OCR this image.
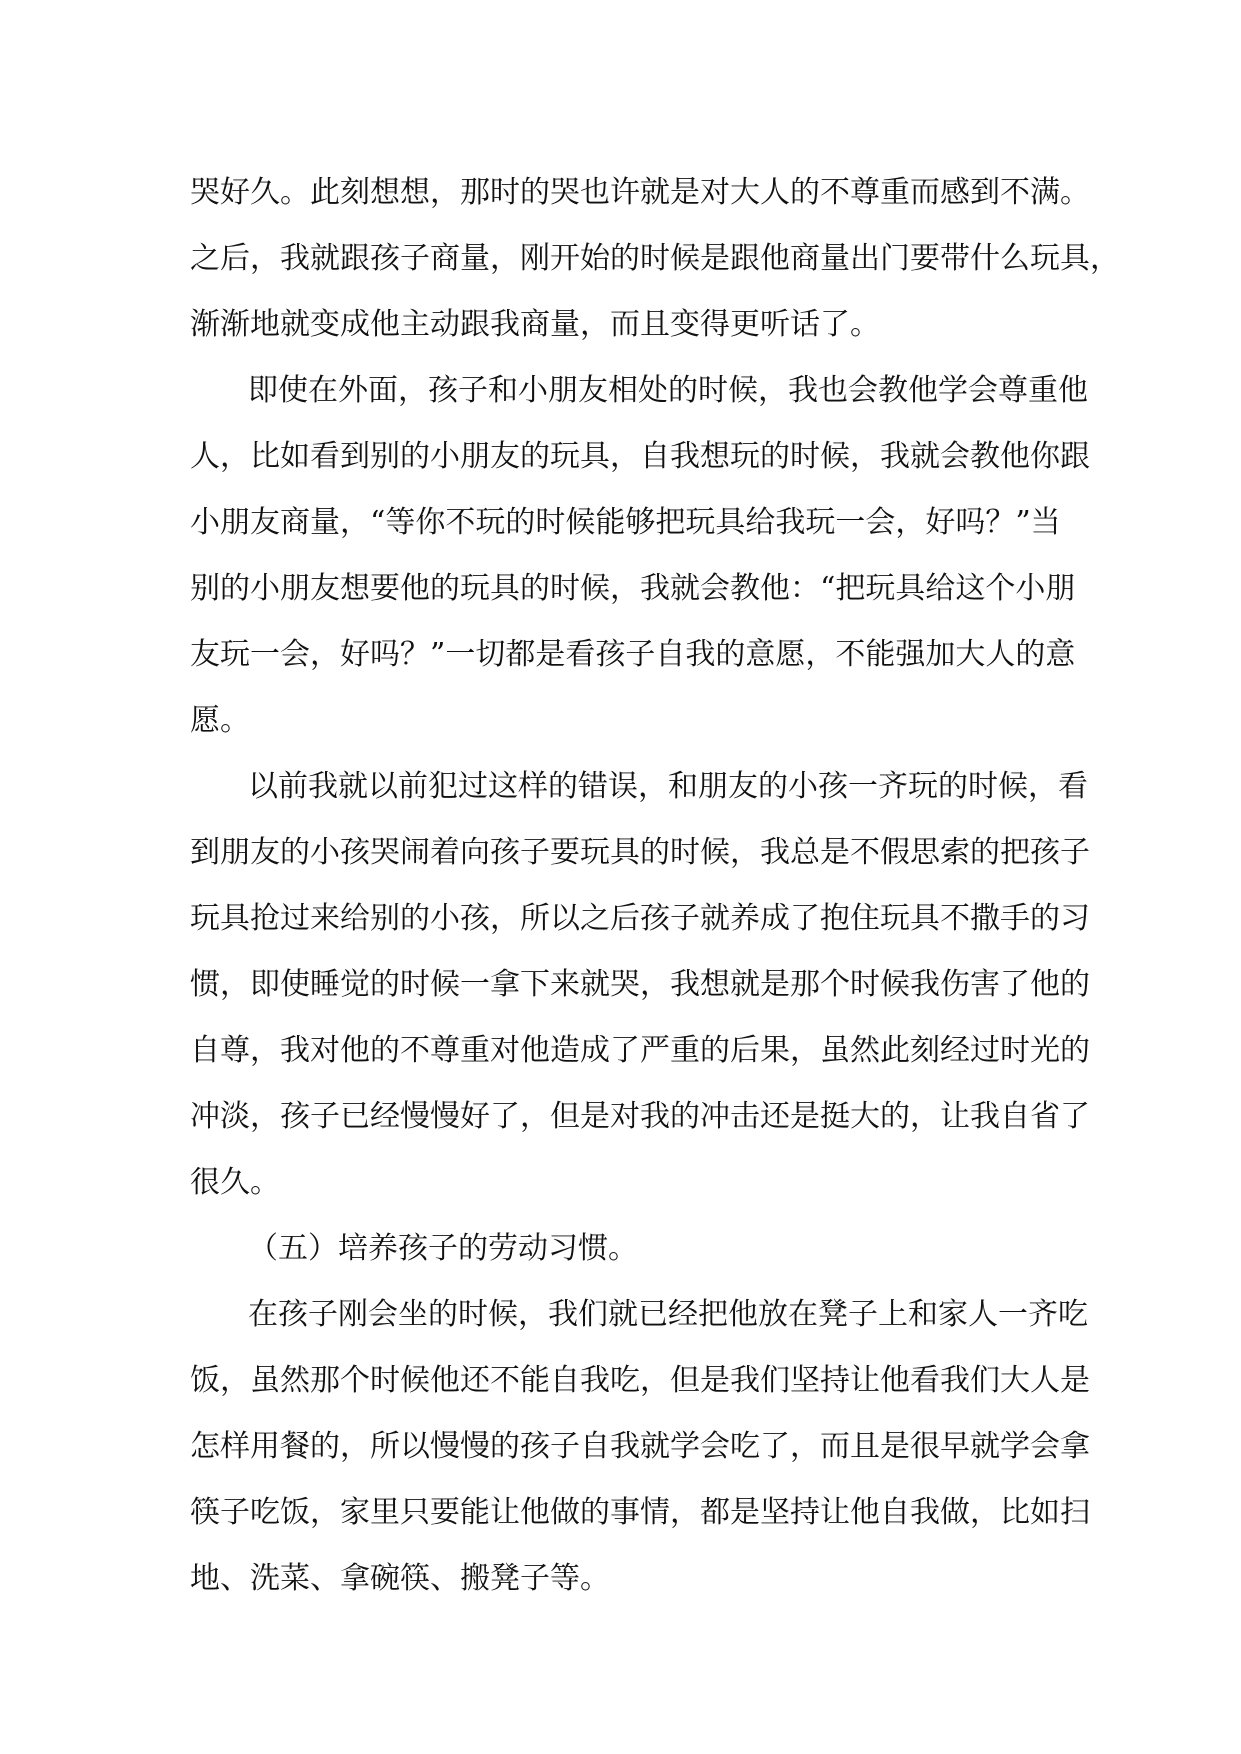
哭好久。此刻想想，那时的哭也许就是对大人的不尊重而感到不满。
之后，我就跟孩子商量，刚开始的时候是跟他商量出门要带什么玩具，
渐渐地就变成他主动跟我商量，而且变得更听话了。
即使在外面，孩子和小朋友相处的时候，我也会教他学会尊重他
人，比如看到别的小朋友的玩具，自我想玩的时候，我就会教他你跟
小朋友商量，“等你不玩的时候能够把玩具给我玩一会，好吗？”当
别的小朋友想要他的玩具的时候，我就会教他：“把玩具给这个小朋
友玩一会，好吗？”一切都是看孩子自我的意愿，不能强加大人的意
愿。
以前我就以前犯过这样的错误，和朋友的小孩一齐玩的时候，看
到朋友的小孩哭闹着向孩子要玩具的时候，我总是不假思索的把孩子
玩具抢过来给别的小孩，所以之后孩子就养成了抱住玩具不撒手的习
惯，即使睡觉的时候一拿下来就哭，我想就是那个时候我伤害了他的
自尊，我对他的不尊重对他造成了严重的后果，虽然此刻经过时光的
冲淡，孩子已经慢慢好了，但是对我的冲击还是挺大的，让我自省了
很久。
（五）培养孩子的劳动习惯。
在孩子刚会坐的时候，我们就已经把他放在凳子上和家人一齐吃
饭，虽然那个时候他还不能自我吃，但是我们坚持让他看我们大人是
怎样用餐的，所以慢慢的孩子自我就学会吃了，而且是很早就学会拿
筷子吃饭，家里只要能让他做的事情，都是坚持让他自我做，比如扫
地、洗菜、拿碗筷、搬凳子等。
